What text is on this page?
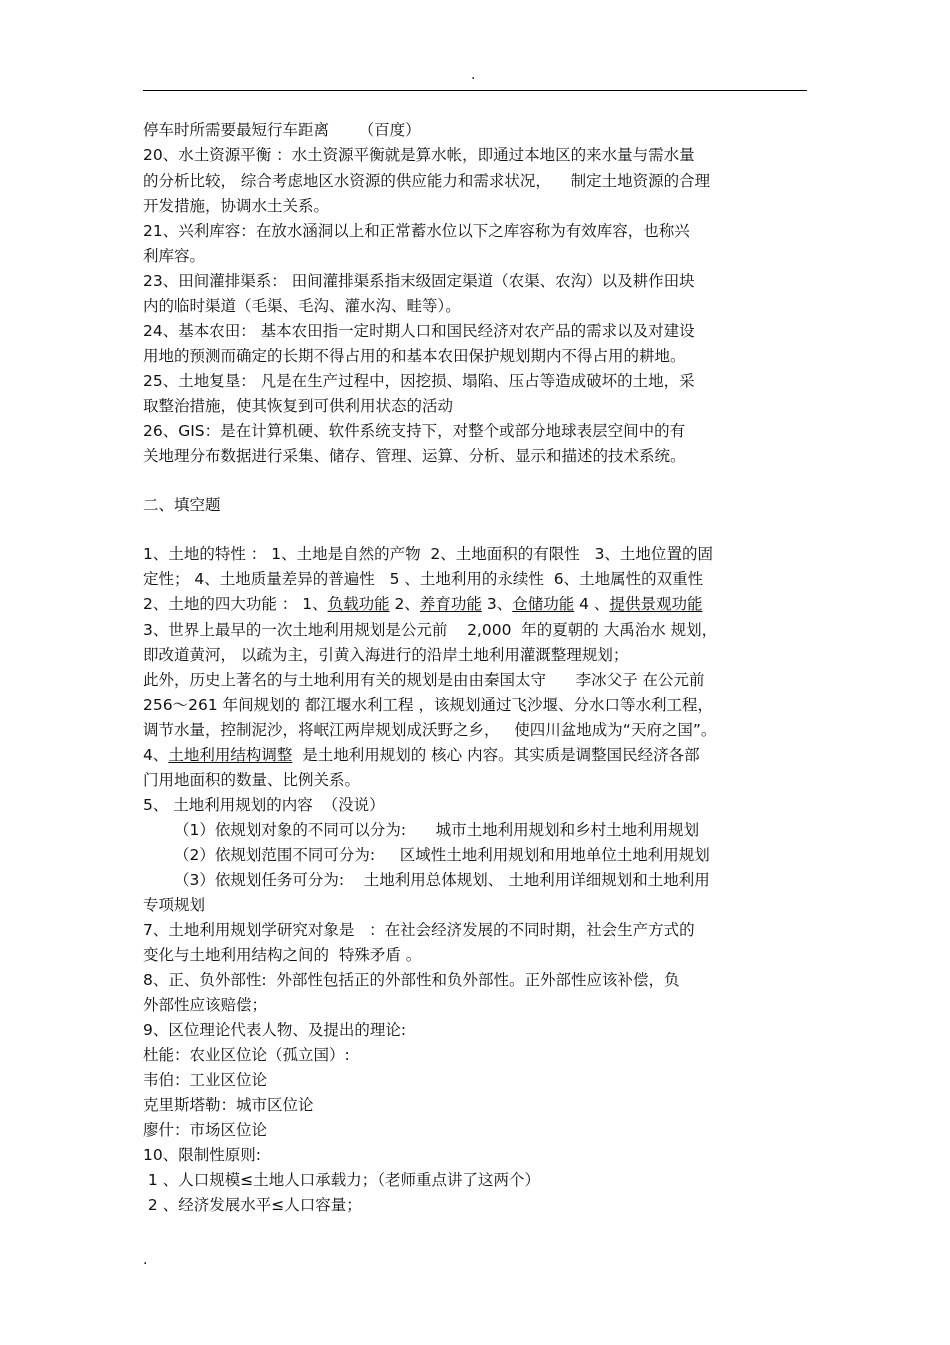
.
停车时所需要最短行车距离      （百度）
20、水土资源平衡 ：水土资源平衡就是算水帐，即通过本地区的来水量与需水量
的分析比较， 综合考虑地区水资源的供应能力和需求状况，    制定土地资源的合理
开发措施，协调水土关系。
21、兴利库容：在放水涵洞以上和正常蓄水位以下之库容称为有效库容，也称兴
利库容。
23、田间灌排渠系： 田间灌排渠系指末级固定渠道（农渠、农沟）以及耕作田块
内的临时渠道（毛渠、毛沟、灌水沟、畦等）。
24、基本农田： 基本农田指一定时期人口和国民经济对农产品的需求以及对建设
用地的预测而确定的长期不得占用的和基本农田保护规划期内不得占用的耕地。
25、土地复垦： 凡是在生产过程中，因挖损、塌陷、压占等造成破坏的土地，采
取整治措施，使其恢复到可供利用状态的活动
26、GIS：是在计算机硬、软件系统支持下，对整个或部分地球表层空间中的有
关地理分布数据进行采集、储存、管理、运算、分析、显示和描述的技术系统。
二、填空题
1、土地的特性 ： 1、土地是自然的产物  2、土地面积的有限性   3、土地位置的固
定性； 4、土地质量差异的普遍性   5 、土地利用的永续性  6、土地属性的双重性
2、土地的四大功能 ： 1、负载功能 2、养育功能 3、仓储功能 4 、提供景观功能
3、世界上最早的一次土地利用规划是公元前    2,000  年的夏朝的 大禹治水 规划，
即改道黄河， 以疏为主，引黄入海进行的沿岸土地利用灌溉整理规划；
此外，历史上著名的与土地利用有关的规划是由由秦国太守      李冰父子 在公元前
256～261 年间规划的 都江堰水利工程 ，该规划通过飞沙堰、分水口等水利工程，
调节水量，控制泥沙，将岷江两岸规划成沃野之乡，   使四川盆地成为“天府之国”。
4、土地利用结构调整  是土地利用规划的 核心 内容。其实质是调整国民经济各部
门用地面积的数量、比例关系。
5、 土地利用规划的内容  （没说）
（1）依规划对象的不同可以分为:      城市土地利用规划和乡村土地利用规划
（2）依规划范围不同可分为:     区域性土地利用规划和用地单位土地利用规划
（3）依规划任务可分为:    土地利用总体规划、 土地利用详细规划和土地利用
专项规划
7、土地利用规划学研究对象是   ：在社会经济发展的不同时期，社会生产方式的
变化与土地利用结构之间的  特殊矛盾 。
8、正、负外部性:  外部性包括正的外部性和负外部性。正外部性应该补偿，负
外部性应该赔偿；
9、区位理论代表人物、及提出的理论:
杜能：农业区位论（孤立国）:
韦伯：工业区位论
克里斯塔勒：城市区位论
廖什：市场区位论
10、限制性原则:
1 、人口规模≤土地人口承载力；（老师重点讲了这两个）
2 、经济发展水平≤人口容量；
.
